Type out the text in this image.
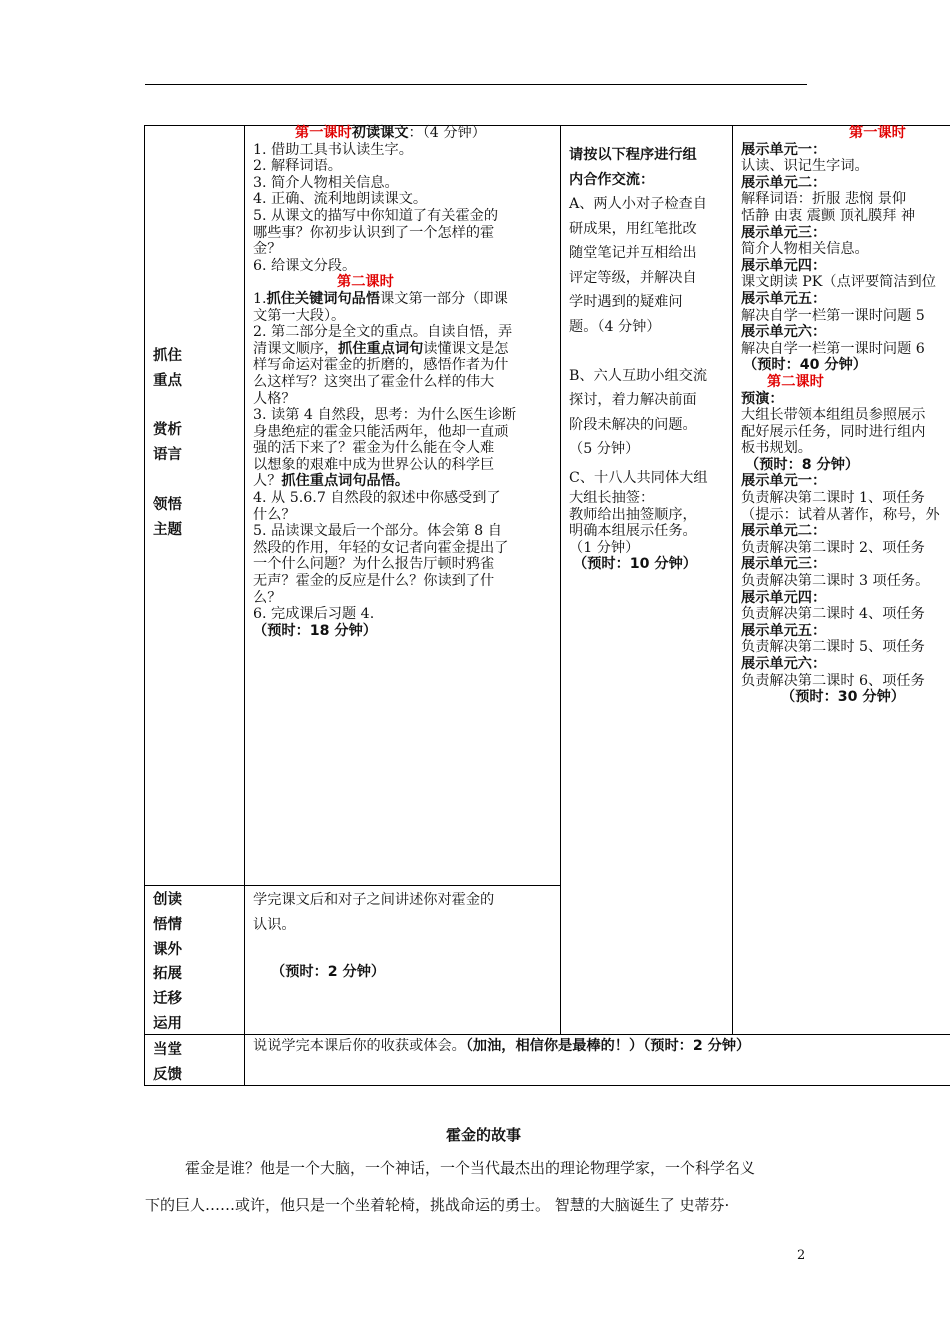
抓住
重点
赏析
语言
领悟
主题
创读
悟情
课外
拓展
迁移
运用
当堂
反馈
第一课时初读课文：（4 分钟）
1. 借助工具书认读生字。
2. 解释词语。
3. 简介人物相关信息。
4. 正确、流利地朗读课文。
5. 从课文的描写中你知道了有关霍金的
哪些事？你初步认识到了一个怎样的霍
金？
6. 给课文分段。
第二课时
1.抓住关键词句品悟课文第一部分（即课
文第一大段）。
2. 第二部分是全文的重点。自读自悟，弄
清课文顺序，抓住重点词句读懂课文是怎
样写命运对霍金的折磨的，感悟作者为什
么这样写？这突出了霍金什么样的伟大
人格？
3. 读第 4 自然段，思考：为什么医生诊断
身患绝症的霍金只能活两年，他却一直顽
强的活下来了？霍金为什么能在令人难
以想象的艰难中成为世界公认的科学巨
人？抓住重点词句品悟。
4. 从 5.6.7 自然段的叙述中你感受到了
什么？
5. 品读课文最后一个部分。体会第 8 自
然段的作用，年轻的女记者向霍金提出了
一个什么问题？为什么报告厅顿时鸦雀
无声？霍金的反应是什么？你读到了什
么？
6. 完成课后习题 4.
（预时：18 分钟）
学完课文后和对子之间讲述你对霍金的
认识。
（预时：2 分钟）
说说学完本课后你的收获或体会。（加油，相信你是最棒的！）（预时：2 分钟）
请按以下程序进行组
内合作交流：
A、两人小对子检查自
研成果，用红笔批改
随堂笔记并互相给出
评定等级，并解决自
学时遇到的疑难问
题。（4 分钟）
B、六人互助小组交流
探讨，着力解决前面
阶段未解决的问题。
（5 分钟）
C、十八人共同体大组
大组长抽签：
教师给出抽签顺序，
明确本组展示任务。
（1 分钟）
（预时：10 分钟）
第一课时
展示单元一：
认读、识记生字词。
展示单元二：
解释词语：折服 悲悯 景仰
恬静 由衷 震颤 顶礼膜拜 神
展示单元三：
简介人物相关信息。
展示单元四：
课文朗读 PK（点评要简洁到位
展示单元五：
解决自学一栏第一课时问题 5
展示单元六：
解决自学一栏第一课时问题 6
（预时：40 分钟）
第二课时
预演：
大组长带领本组组员参照展示
配好展示任务，同时进行组内
板书规划。
（预时：8 分钟）
展示单元一：
负责解决第二课时 1、项任务
（提示：试着从著作，称号，外
展示单元二：
负责解决第二课时 2、项任务
展示单元三：
负责解决第二课时 3 项任务。
展示单元四：
负责解决第二课时 4、项任务
展示单元五：
负责解决第二课时 5、项任务
展示单元六：
负责解决第二课时 6、项任务
（预时：30 分钟）
霍金的故事
霍金是谁？他是一个大脑，一个神话，一个当代最杰出的理论物理学家，一个科学名义
下的巨人……或许，他只是一个坐着轮椅，挑战命运的勇士。 智慧的大脑诞生了 史蒂芬·
2
